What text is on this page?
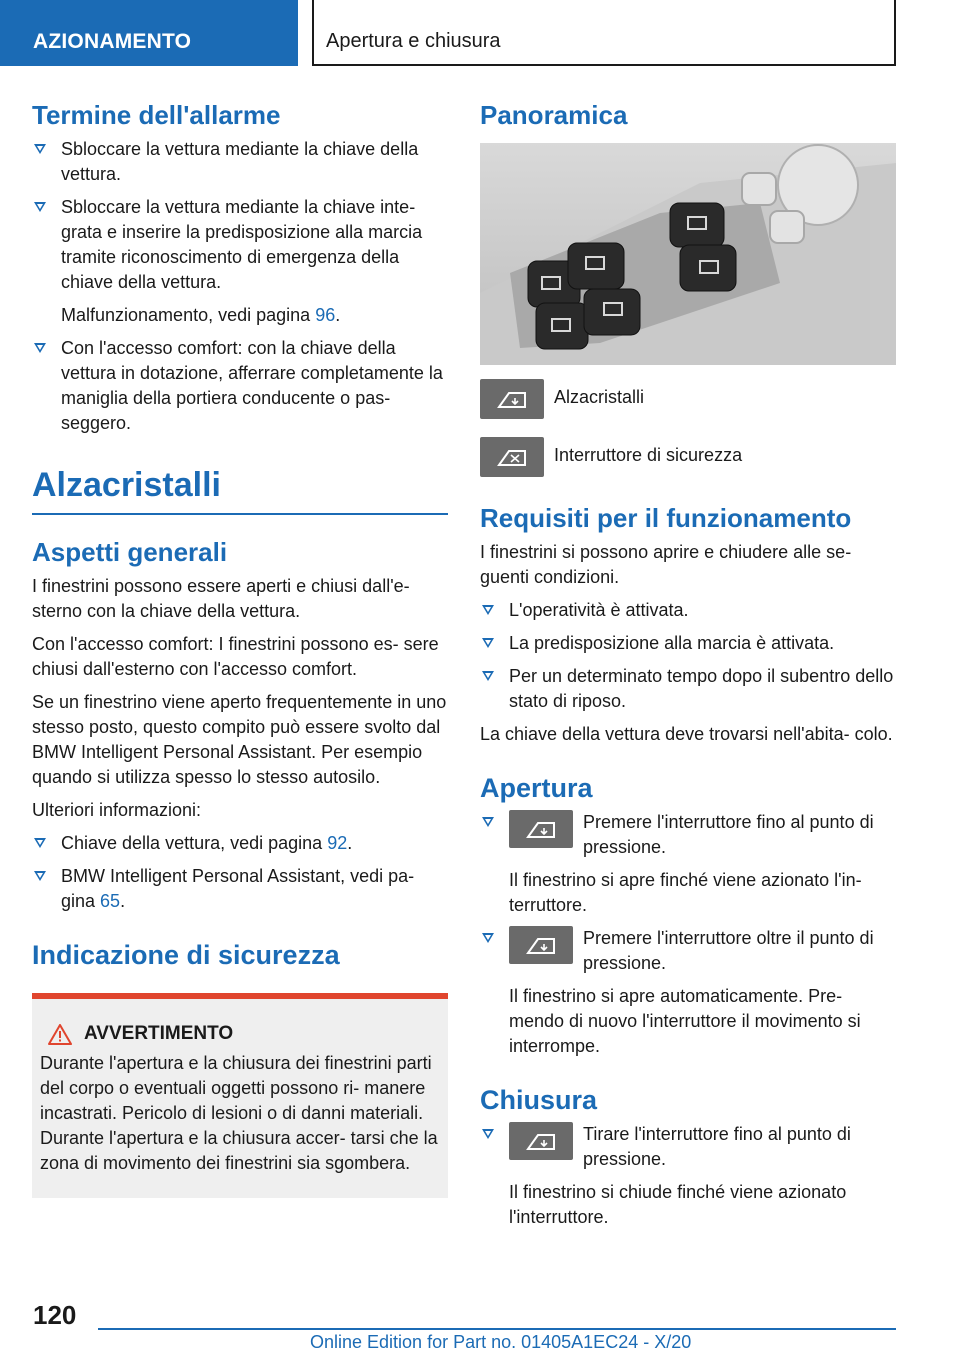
AZIONAMENTO	Apertura e chiusura
Termine dell'allarme
Sbloccare la vettura mediante la chiave della vettura.
Sbloccare la vettura mediante la chiave inte- grata e inserire la predisposizione alla marcia tramite riconoscimento di emergenza della chiave della vettura.
Malfunzionamento, vedi pagina 96.
Con l'accesso comfort: con la chiave della vettura in dotazione, afferrare completamente la maniglia della portiera conducente o pas- seggero.
Alzacristalli
Aspetti generali

I finestrini possono essere aperti e chiusi dall'e- sterno con la chiave della vettura.

Con l'accesso comfort: I finestrini possono es- sere chiusi dall'esterno con l'accesso comfort.

Se un finestrino viene aperto frequentemente in uno stesso posto, questo compito può essere svolto dal BMW Intelligent Personal Assistant. Per esempio quando si utilizza spesso lo stesso autosilo.

Ulteriori informazioni:

Chiave della vettura, vedi pagina 92.
BMW Intelligent Personal Assistant, vedi pa- gina 65.
Indicazione di sicurezza
AVVERTIMENTO

Durante l'apertura e la chiusura dei finestrini parti del corpo o eventuali oggetti possono ri- manere incastrati. Pericolo di lesioni o di danni materiali. Durante l'apertura e la chiusura accer- tarsi che la zona di movimento dei finestrini sia sgombera.

Panoramica
Alzacristalli
Interruttore di sicurezza
Requisiti per il funzionamento

I finestrini si possono aprire e chiudere alle se- guenti condizioni.

L'operatività è attivata.
La predisposizione alla marcia è attivata.
Per un determinato tempo dopo il subentro dello stato di riposo.

La chiave della vettura deve trovarsi nell'abita- colo.

Apertura
Premere l'interruttore fino al punto di pressione.
Il finestrino si apre finché viene azionato l'in- terruttore.
Premere l'interruttore oltre il punto di pressione.
Il finestrino si apre automaticamente. Pre- mendo di nuovo l'interruttore il movimento si interrompe.
Chiusura
Tirare l'interruttore fino al punto di pressione.
Il finestrino si chiude finché viene azionato l'interruttore.
120
Online Edition for Part no. 01405A1EC24 - X/20
